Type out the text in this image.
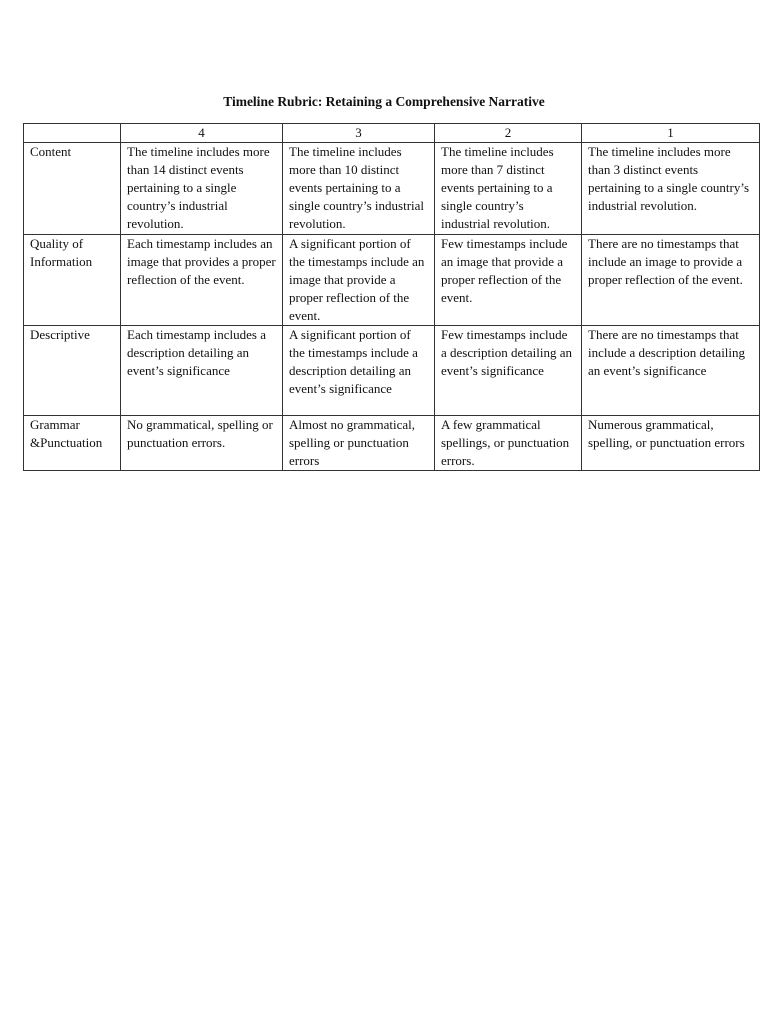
Timeline Rubric: Retaining a Comprehensive Narrative
	4	3	2	1
Content	The timeline includes more than 14 distinct events pertaining to a single country’s industrial revolution.	The timeline includes more than 10 distinct events pertaining to a single country’s industrial revolution.	The timeline includes more than 7 distinct events pertaining to a single country’s industrial revolution.	The timeline includes more than 3 distinct events pertaining to a single country’s industrial revolution.
Quality of Information	Each timestamp includes an image that provides a proper reflection of the event.	A significant portion of the timestamps include an image that provide a proper reflection of the event.	Few timestamps include an image that provide a proper reflection of the event.	There are no timestamps that include an image to provide a proper reflection of the event.
Descriptive	Each timestamp includes a description detailing an event’s significance	A significant portion of the timestamps include a description detailing an event’s significance	Few timestamps include a description detailing an event’s significance	There are no timestamps that include a description detailing an event’s significance
Grammar &Punctuation	No grammatical, spelling or punctuation errors.	Almost no grammatical, spelling or punctuation errors	A few grammatical spellings, or punctuation errors.	Numerous grammatical, spelling, or punctuation errors
